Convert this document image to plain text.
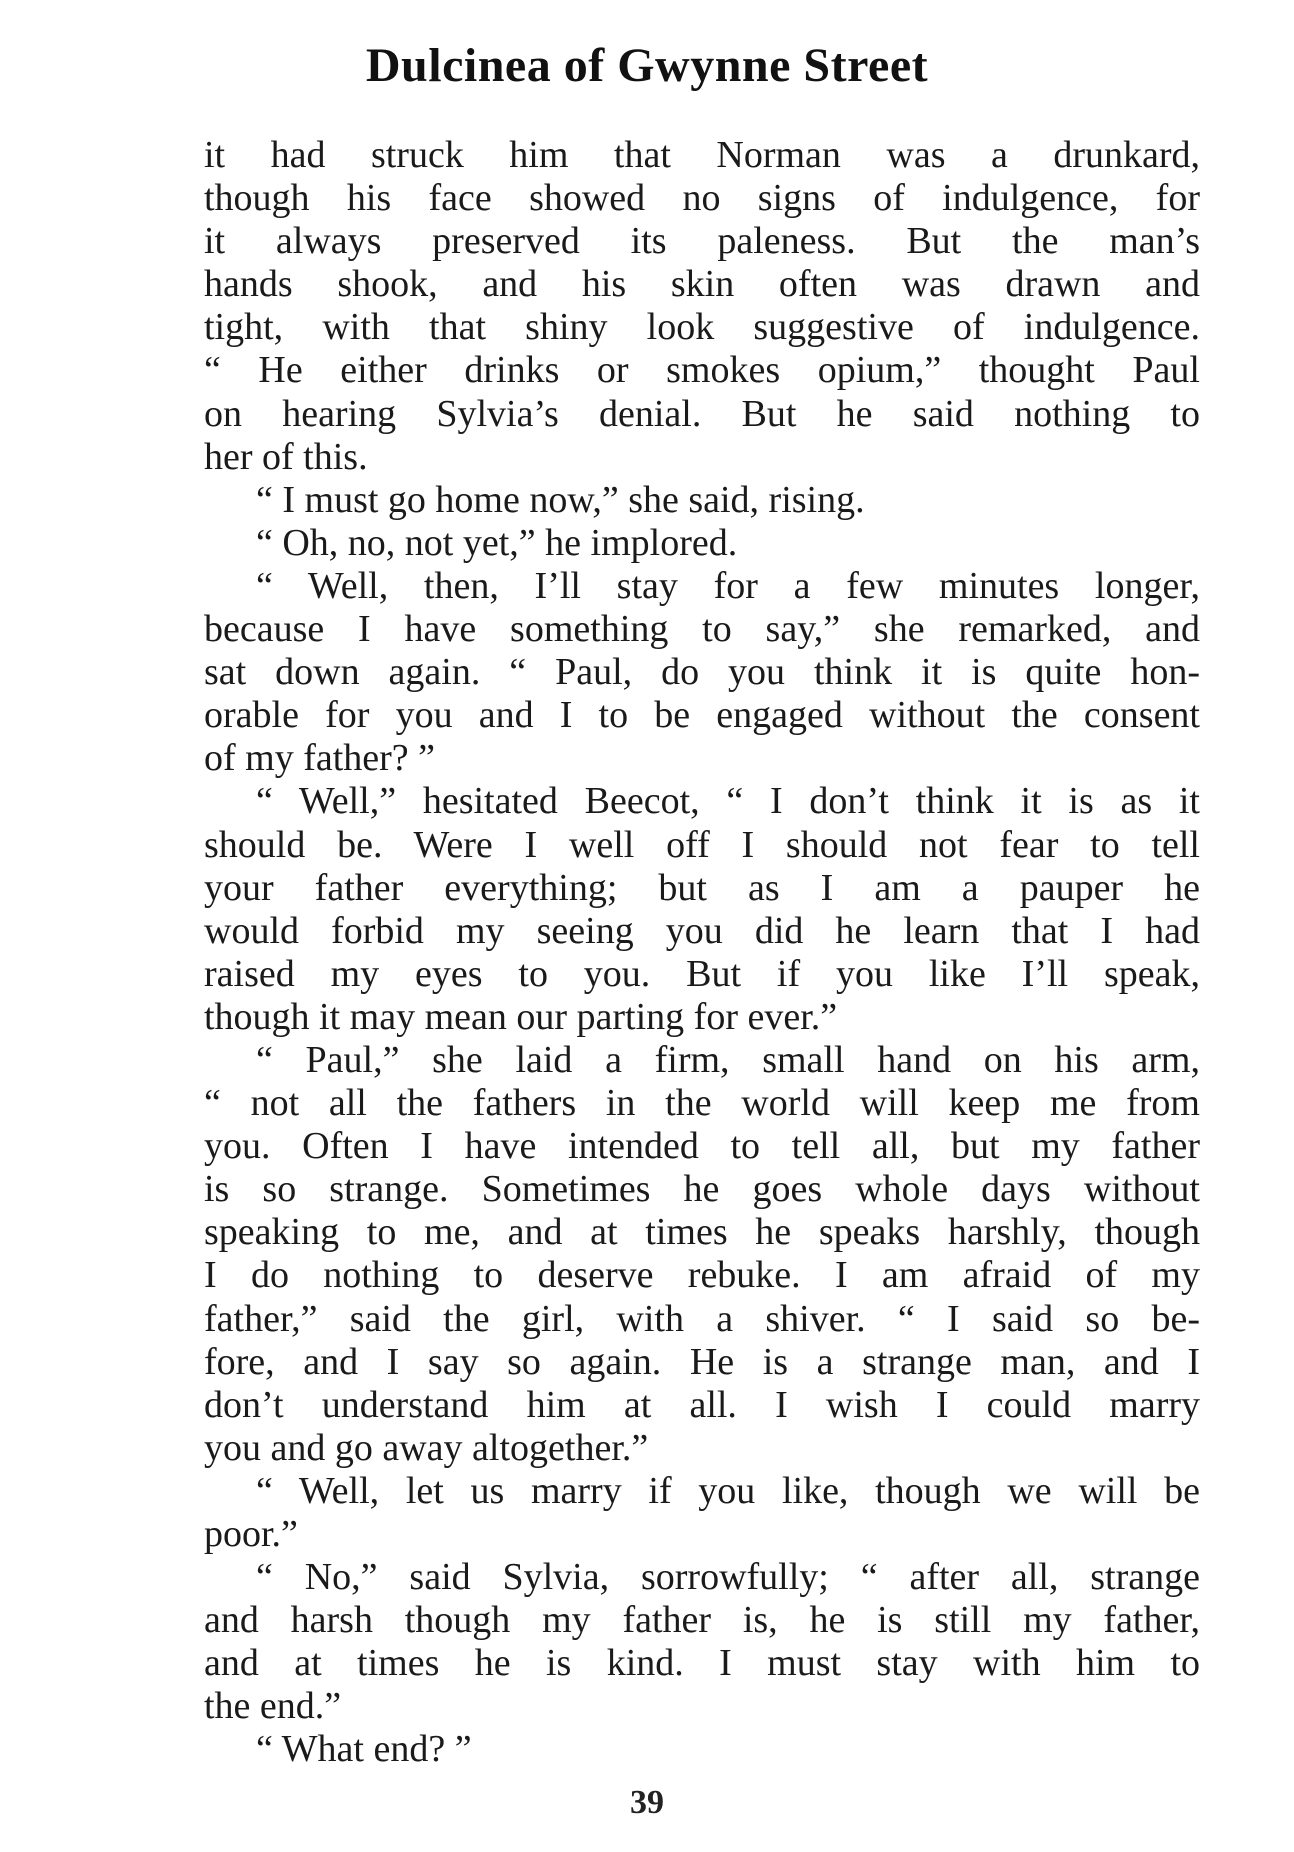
Dulcinea of Gwynne Street
it had struck him that Norman was a drunkard,
though his face showed no signs of indulgence, for
it always preserved its paleness. But the man’s
hands shook, and his skin often was drawn and
tight, with that shiny look suggestive of indulgence.
“ He either drinks or smokes opium,” thought Paul
on hearing Sylvia’s denial. But he said nothing to
her of this.
“ I must go home now,” she said, rising.
“ Oh, no, not yet,” he implored.
“ Well, then, I’ll stay for a few minutes longer,
because I have something to say,” she remarked, and
sat down again. “ Paul, do you think it is quite hon-
orable for you and I to be engaged without the consent
of my father? ”
“ Well,” hesitated Beecot, “ I don’t think it is as it
should be. Were I well off I should not fear to tell
your father everything; but as I am a pauper he
would forbid my seeing you did he learn that I had
raised my eyes to you. But if you like I’ll speak,
though it may mean our parting for ever.”
“ Paul,” she laid a firm, small hand on his arm,
“ not all the fathers in the world will keep me from
you. Often I have intended to tell all, but my father
is so strange. Sometimes he goes whole days without
speaking to me, and at times he speaks harshly, though
I do nothing to deserve rebuke. I am afraid of my
father,” said the girl, with a shiver. “ I said so be-
fore, and I say so again. He is a strange man, and I
don’t understand him at all. I wish I could marry
you and go away altogether.”
“ Well, let us marry if you like, though we will be
poor.”
“ No,” said Sylvia, sorrowfully; “ after all, strange
and harsh though my father is, he is still my father,
and at times he is kind. I must stay with him to
the end.”
“ What end? ”
39
